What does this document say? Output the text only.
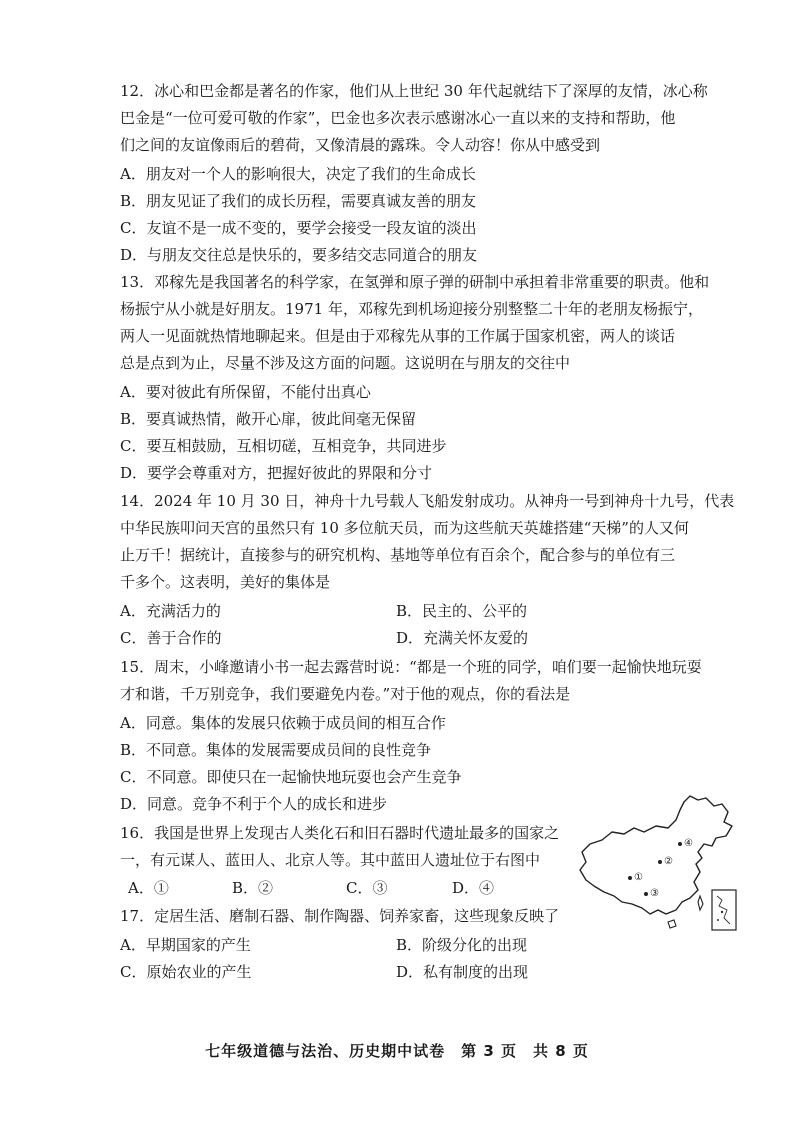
12．冰心和巴金都是著名的作家，他们从上世纪 30 年代起就结下了深厚的友情，冰心称
巴金是“一位可爱可敬的作家”，巴金也多次表示感谢冰心一直以来的支持和帮助，他
们之间的友谊像雨后的碧荷，又像清晨的露珠。令人动容！你从中感受到
A．朋友对一个人的影响很大，决定了我们的生命成长
B．朋友见证了我们的成长历程，需要真诚友善的朋友
C．友谊不是一成不变的，要学会接受一段友谊的淡出
D．与朋友交往总是快乐的，要多结交志同道合的朋友
13．邓稼先是我国著名的科学家，在氢弹和原子弹的研制中承担着非常重要的职责。他和
杨振宁从小就是好朋友。1971 年，邓稼先到机场迎接分别整整二十年的老朋友杨振宁，
两人一见面就热情地聊起来。但是由于邓稼先从事的工作属于国家机密，两人的谈话
总是点到为止，尽量不涉及这方面的问题。这说明在与朋友的交往中
A．要对彼此有所保留，不能付出真心
B．要真诚热情，敞开心扉，彼此间毫无保留
C．要互相鼓励，互相切磋，互相竞争，共同进步
D．要学会尊重对方，把握好彼此的界限和分寸
14．2024 年 10 月 30 日，神舟十九号载人飞船发射成功。从神舟一号到神舟十九号，代表
中华民族叩问天宫的虽然只有 10 多位航天员，而为这些航天英雄搭建“天梯”的人又何
止万千！据统计，直接参与的研究机构、基地等单位有百余个，配合参与的单位有三
千多个。这表明，美好的集体是
A．充满活力的	B．民主的、公平的
C．善于合作的	D．充满关怀友爱的
15．周末，小峰邀请小书一起去露营时说：“都是一个班的同学，咱们要一起愉快地玩耍
才和谐，千万别竞争，我们要避免内卷。”对于他的观点，你的看法是
A．同意。集体的发展只依赖于成员间的相互合作
B．不同意。集体的发展需要成员间的良性竞争
C．不同意。即使只在一起愉快地玩耍也会产生竞争
D．同意。竞争不利于个人的成长和进步
16．我国是世界上发现古人类化石和旧石器时代遗址最多的国家之
一，有元谋人、蓝田人、北京人等。其中蓝田人遗址位于右图中
A．①	B．②	C．③	D．④
17．定居生活、磨制石器、制作陶器、饲养家畜，这些现象反映了
A．早期国家的产生	B．阶级分化的出现
C．原始农业的产生	D．私有制度的出现
①
②
③
④
七年级道德与法治、历史期中试卷　第 3 页　共 8 页
